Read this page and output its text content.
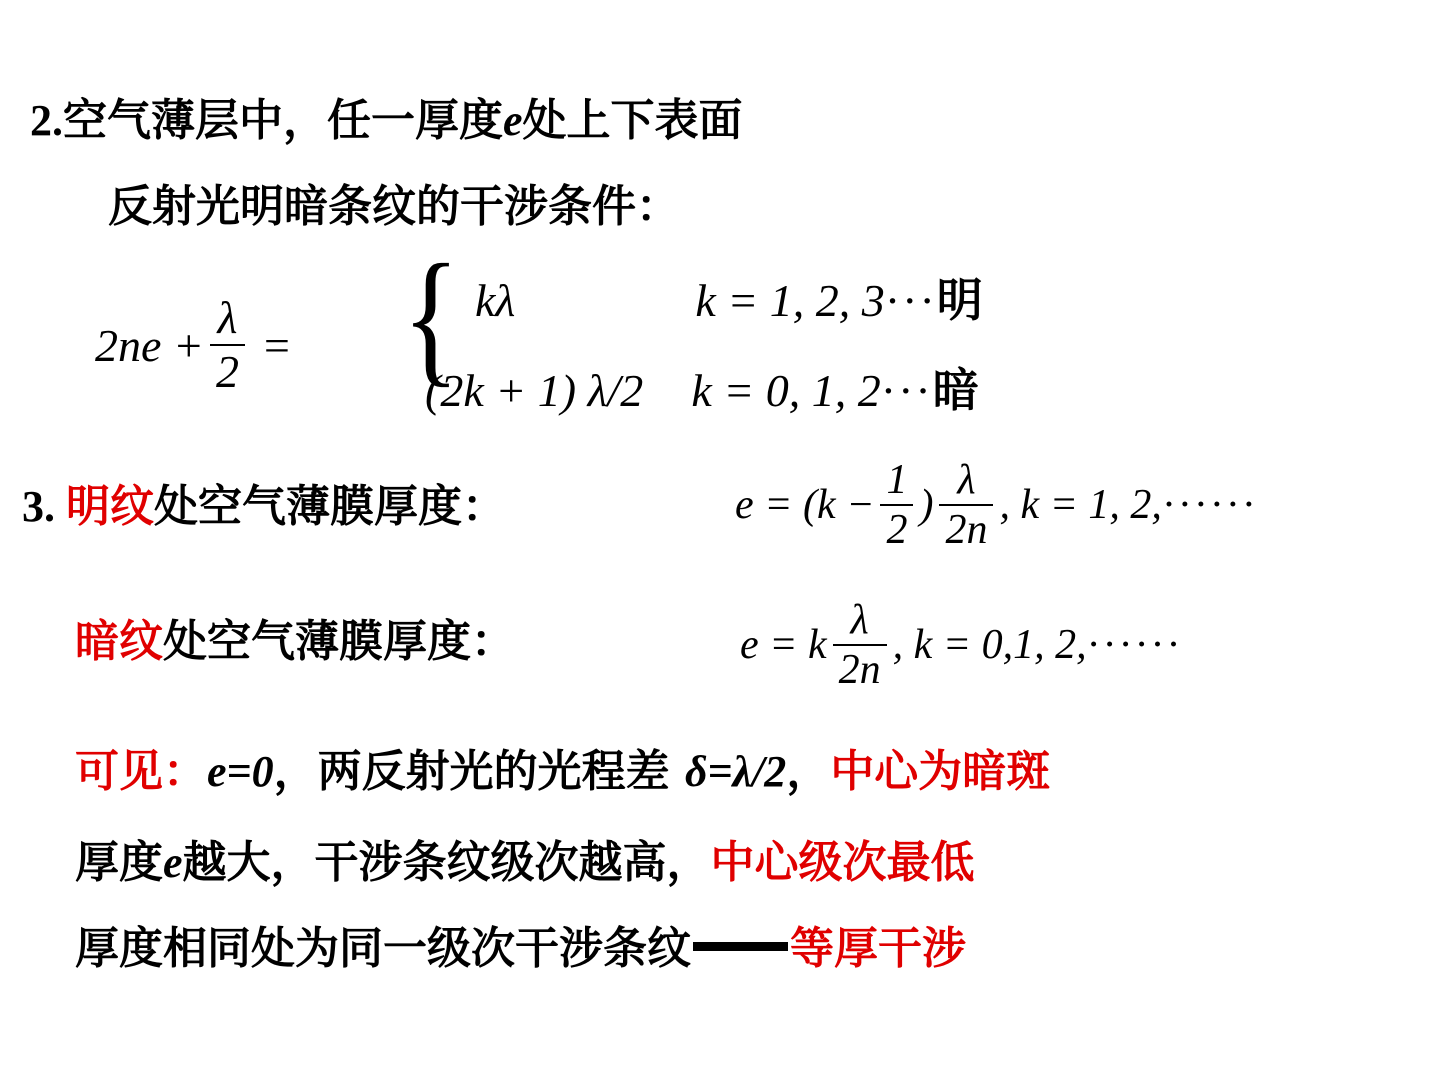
2.空气薄层中，任一厚度e处上下表面
反射光明暗条纹的干涉条件：
$2ne + \frac{\lambda}{2}$ = { kλ	k = 1, 2, 3···明
(2k + 1) λ/2 k = 0, 1, 2···暗
3. 明纹处空气薄膜厚度：	$e = (k - \frac{1}{2}$ ) $\frac{\lambda}{2n}$ , k = 1, 2, ······
暗纹处空气薄膜厚度：	e = k $\frac{\lambda}{2n}$ , k = 0,1, 2, ······
可见：e=0，两反射光的光程差 δ=λ/2，中心为暗斑
厚度e越大，干涉条纹级次越高，中心级次最低
厚度相同处为同一级次干涉条纹 等厚干涉
